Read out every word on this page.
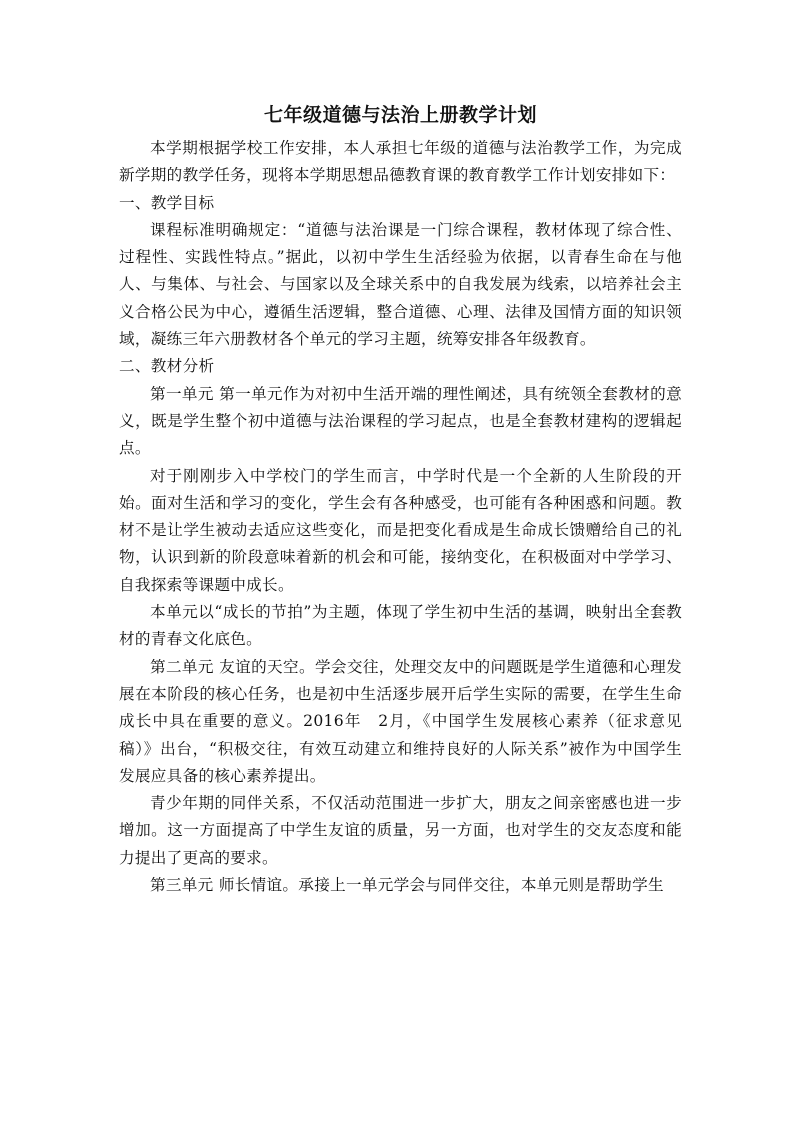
七年级道德与法治上册教学计划

本学期根据学校工作安排，本人承担七年级的道德与法治教学工作，为完成新学期的教学任务，现将本学期思想品德教育课的教育教学工作计划安排如下：

一、教学目标

课程标准明确规定：“道德与法治课是一门综合课程，教材体现了综合性、过程性、实践性特点。”据此，以初中学生生活经验为依据，以青春生命在与他人、与集体、与社会、与国家以及全球关系中的自我发展为线索，以培养社会主义合格公民为中心，遵循生活逻辑，整合道德、心理、法律及国情方面的知识领域，凝练三年六册教材各个单元的学习主题，统筹安排各年级教育。

二、教材分析

第一单元 第一单元作为对初中生活开端的理性阐述，具有统领全套教材的意义，既是学生整个初中道德与法治课程的学习起点，也是全套教材建构的逻辑起点。

对于刚刚步入中学校门的学生而言，中学时代是一个全新的人生阶段的开始。面对生活和学习的变化，学生会有各种感受，也可能有各种困惑和问题。教材不是让学生被动去适应这些变化，而是把变化看成是生命成长馈赠给自己的礼物，认识到新的阶段意味着新的机会和可能，接纳变化，在积极面对中学学习、自我探索等课题中成长。

本单元以“成长的节拍”为主题，体现了学生初中生活的基调，映射出全套教材的青春文化底色。

第二单元 友谊的天空。学会交往，处理交友中的问题既是学生道德和心理发展在本阶段的核心任务，也是初中生活逐步展开后学生实际的需要，在学生生命成长中具在重要的意义。2016年　2月，《中国学生发展核心素养（征求意见稿）》出台，“积极交往，有效互动建立和维持良好的人际关系”被作为中国学生发展应具备的核心素养提出。

青少年期的同伴关系，不仅活动范围进一步扩大，朋友之间亲密感也进一步增加。这一方面提高了中学生友谊的质量，另一方面，也对学生的交友态度和能力提出了更高的要求。

第三单元 师长情谊。承接上一单元学会与同伴交往，本单元则是帮助学生
